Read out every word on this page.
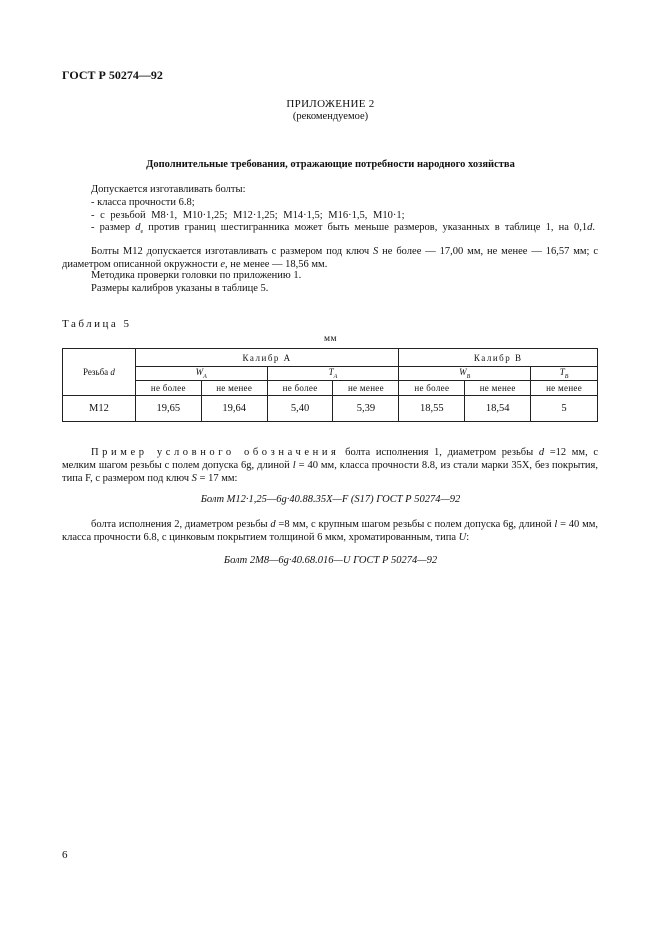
ГОСТ Р 50274—92
ПРИЛОЖЕНИЕ 2
(рекомендуемое)
Дополнительные требования, отражающие потребности народного хозяйства
Допускается изготавливать болты:
- класса прочности 6.8;
- с резьбой М8·1, М10·1,25; М12·1,25; М14·1,5; М16·1,5, М10·1;
- размер $d_e$ против границ шестигранника может быть меньше размеров, указанных в таблице 1, на 0,1d.
Болты М12 допускается изготавливать с размером под ключ S не более — 17,00 мм, не менее — 16,57 мм; с диаметром описанной окружности e, не менее — 18,56 мм.
Методика проверки головки по приложению 1.
Размеры калибров указаны в таблице 5.
Таблица 5
мм
Резьба d	Калибр А				Калибр В		
	$W_A$		$T_A$		$W_B$		$T_B$
	не более	не менее	не более	не менее	не более	не менее	не менее
М12	19,65	19,64	5,40	5,39	18,55	18,54	5
Пример условного обозначения болта исполнения 1, диаметром резьбы d =12 мм, с мелким шагом резьбы с полем допуска 6g, длиной l = 40 мм, класса прочности 8.8, из стали марки 35Х, без покрытия, типа F, с размером под ключ S = 17 мм:
Болт М12·1,25—6g·40.88.35Х—F (S17) ГОСТ Р 50274—92
болта исполнения 2, диаметром резьбы d =8 мм, с крупным шагом резьбы с полем допуска 6g, длиной l = 40 мм, класса прочности 6.8, с цинковым покрытием толщиной 6 мкм, хроматированным, типа U:
Болт 2М8—6g·40.68.016—U ГОСТ Р 50274—92
6
